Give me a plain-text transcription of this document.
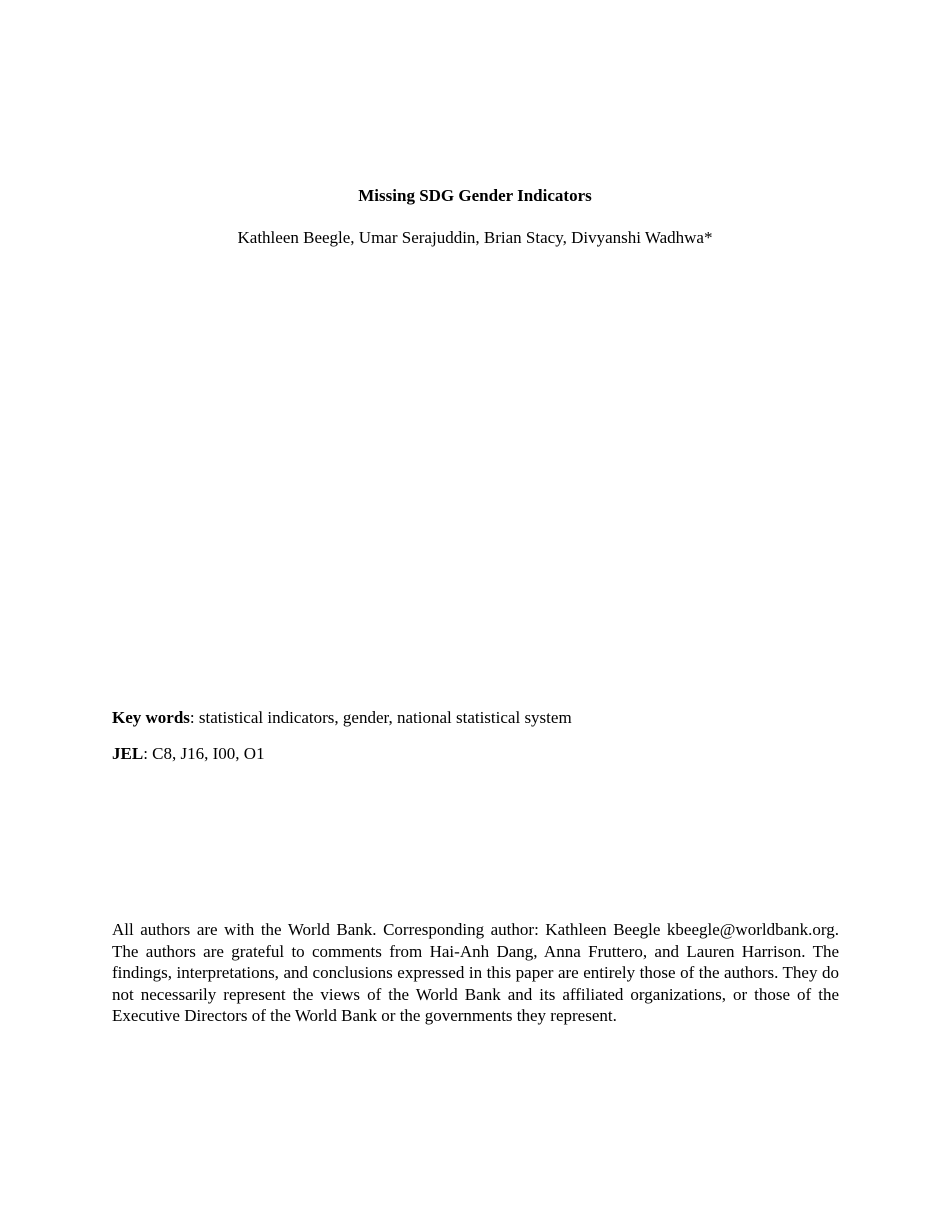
Missing SDG Gender Indicators
Kathleen Beegle, Umar Serajuddin, Brian Stacy, Divyanshi Wadhwa*
Key words: statistical indicators, gender, national statistical system
JEL: C8, J16, I00, O1
All authors are with the World Bank. Corresponding author: Kathleen Beegle kbeegle@worldbank.org. The authors are grateful to comments from Hai-Anh Dang, Anna Fruttero, and Lauren Harrison. The findings, interpretations, and conclusions expressed in this paper are entirely those of the authors. They do not necessarily represent the views of the World Bank and its affiliated organizations, or those of the Executive Directors of the World Bank or the governments they represent.
